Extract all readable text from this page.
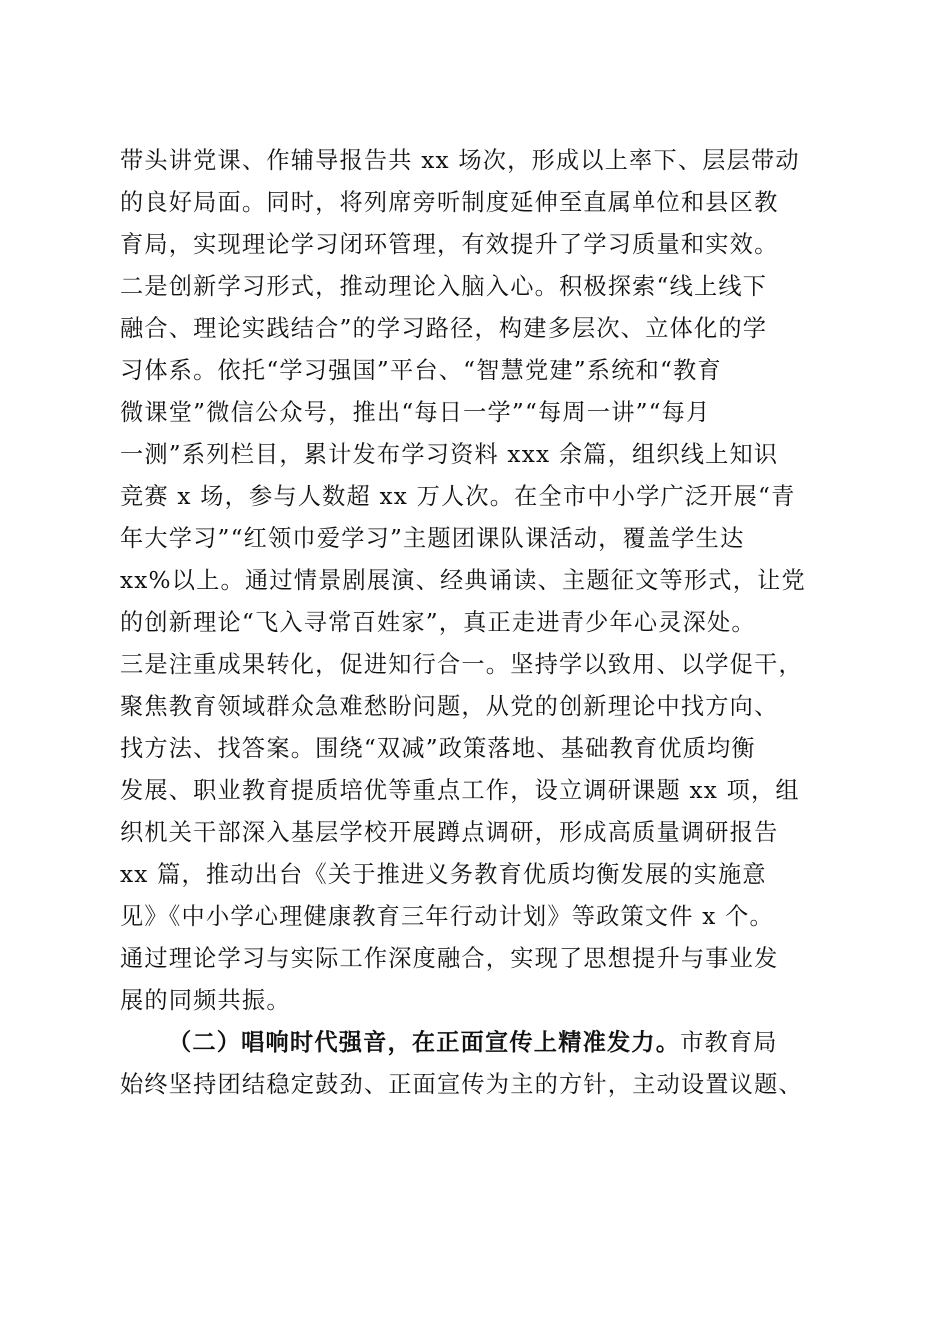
带头讲党课、作辅导报告共 xx 场次，形成以上率下、层层带动
的良好局面。同时，将列席旁听制度延伸至直属单位和县区教
育局，实现理论学习闭环管理，有效提升了学习质量和实效。
二是创新学习形式，推动理论入脑入心。积极探索“线上线下
融合、理论实践结合”的学习路径，构建多层次、立体化的学
习体系。依托“学习强国”平台、“智慧党建”系统和“教育
微课堂”微信公众号，推出“每日一学”“每周一讲”“每月
一测”系列栏目，累计发布学习资料 xxx 余篇，组织线上知识
竞赛 x 场，参与人数超 xx 万人次。在全市中小学广泛开展“青
年大学习”“红领巾爱学习”主题团课队课活动，覆盖学生达
xx%以上。通过情景剧展演、经典诵读、主题征文等形式，让党
的创新理论“飞入寻常百姓家”，真正走进青少年心灵深处。
三是注重成果转化，促进知行合一。坚持学以致用、以学促干，
聚焦教育领域群众急难愁盼问题，从党的创新理论中找方向、
找方法、找答案。围绕“双减”政策落地、基础教育优质均衡
发展、职业教育提质培优等重点工作，设立调研课题 xx 项，组
织机关干部深入基层学校开展蹲点调研，形成高质量调研报告
xx 篇，推动出台《关于推进义务教育优质均衡发展的实施意
见》《中小学心理健康教育三年行动计划》等政策文件 x 个。
通过理论学习与实际工作深度融合，实现了思想提升与事业发
展的同频共振。
（二）唱响时代强音，在正面宣传上精准发力。市教育局
始终坚持团结稳定鼓劲、正面宣传为主的方针，主动设置议题、
